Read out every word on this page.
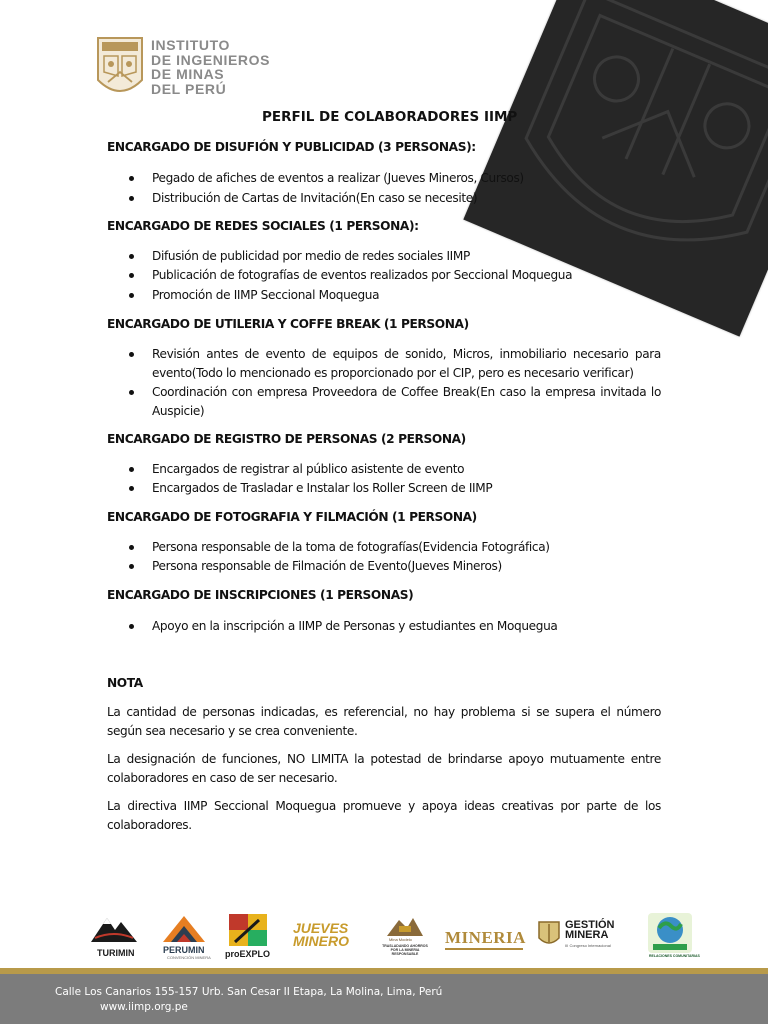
INSTITUTO
DE INGENIEROS
DE MINAS
DEL PERÚ
PERFIL DE COLABORADORES IIMP
ENCARGADO DE DISUFIÓN Y PUBLICIDAD (3 PERSONAS):
Pegado de afiches de eventos a realizar (Jueves Mineros, Cursos)
Distribución de Cartas de Invitación(En caso se necesite)
ENCARGADO DE REDES SOCIALES (1 PERSONA):
Difusión de publicidad por medio de redes sociales IIMP
Publicación de fotografías de eventos realizados por Seccional Moquegua
Promoción de IIMP Seccional Moquegua
ENCARGADO DE UTILERIA Y COFFE BREAK (1 PERSONA)
Revisión antes de evento de equipos de sonido, Micros, inmobiliario necesario para evento(Todo lo mencionado es proporcionado por el CIP, pero es necesario verificar)
Coordinación con empresa Proveedora de Coffee Break(En caso la empresa invitada lo Auspicie)
ENCARGADO DE REGISTRO DE PERSONAS (2 PERSONA)
Encargados de registrar al público asistente de evento
Encargados de Trasladar e Instalar los Roller Screen de IIMP
ENCARGADO DE FOTOGRAFIA Y FILMACIÓN (1 PERSONA)
Persona responsable de la toma de fotografías(Evidencia Fotográfica)
Persona responsable de Filmación de Evento(Jueves Mineros)
ENCARGADO DE INSCRIPCIONES (1 PERSONAS)
Apoyo en la inscripción a IIMP de Personas y estudiantes en Moquegua
NOTA
La cantidad de personas indicadas, es referencial, no hay problema si se supera el número según sea necesario y se crea conveniente.
La designación de funciones, NO LIMITA la potestad de brindarse apoyo mutuamente entre colaboradores en caso de ser necesario.
La directiva IIMP Seccional Moquegua promueve y apoya ideas creativas por parte de los colaboradores.
TURIMIN	PERUMIN
CONVENCIÓN MINERA proEXPLO
JUEVES MINERO	Mina Modelo
TRASLADANDO AHORROS POR LA MINERIA RESPONSABLE
MINERIA
GESTIÓN MINERA
III Congreso Internacional
RELACIONES COMUNITARIAS
Calle Los Canarios 155-157 Urb. San Cesar II Etapa, La Molina, Lima, Perú
www.iimp.org.pe
